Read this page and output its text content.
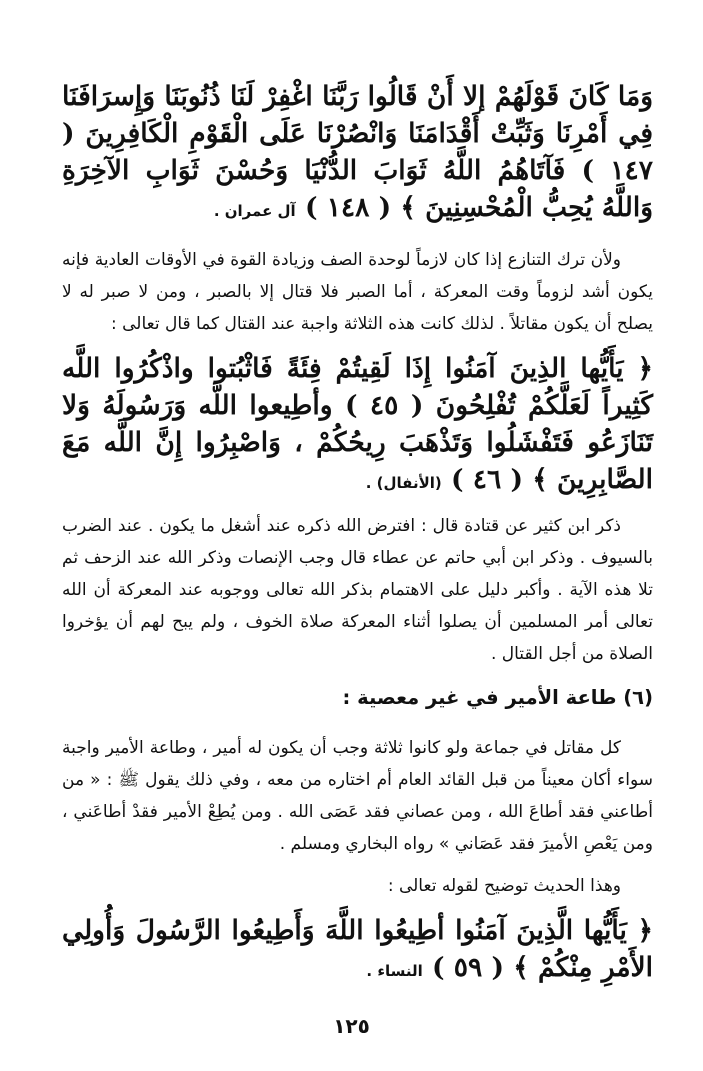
وَمَا كَانَ قَوْلَهُمْ إلا أَنْ قَالُوا رَبَّنَا اغْفِرْ لَنَا ذُنُوبَنَا وَإِسرَافَنَا فِي أَمْرِنَا وَثَبِّتْ أَقْدَامَنَا وَانْصُرْنَا عَلَى الْقَوْمِ الْكَافِرِينَ ( ١٤٧ ) فَآتَاهُمُ اللَّهُ ثَوَابَ الدُّنْيَا وَحُسْنَ ثَوَابِ الآخِرَةِ وَاللَّهُ يُحِبُّ الْمُحْسِنِينَ ﴾ ( ١٤٨ ) آل عمران .

ولأن ترك التنازع إذا كان لازماً لوحدة الصف وزيادة القوة في الأوقات العادية فإنه يكون أشد لزوماً وقت المعركة ، أما الصبر فلا قتال إلا بالصبر ، ومن لا صبر له لا يصلح أن يكون مقاتلاً . لذلك كانت هذه الثلاثة واجبة عند القتال كما قال تعالى :

﴿ يَأَيُّها الذِينَ آمَنُوا إِذَا لَقِيتُمْ فِئَةً فَاثْبُتوا واذْكُرُوا اللَّه كَثِيراً لَعَلَّكُمْ تُفْلِحُونَ ( ٤٥ ) وأطِيعوا اللَّه وَرَسُولَهُ وَلا تَنَازَعُو فَتَفْشَلُوا وَتَذْهَبَ رِيحُكُمْ ، وَاصْبِرُوا إِنَّ اللَّه مَعَ الصَّابِرِينَ ﴾ ( ٤٦ ) (الأنفال) .

ذكر ابن كثير عن قتادة قال : افترض الله ذكره عند أشغل ما يكون . عند الضرب بالسيوف . وذكر ابن أبي حاتم عن عطاء قال وجب الإنصات وذكر الله عند الزحف ثم تلا هذه الآية . وأكبر دليل على الاهتمام بذكر الله تعالى ووجوبه عند المعركة أن الله تعالى أمر المسلمين أن يصلوا أثناء المعركة صلاة الخوف ، ولم يبح لهم أن يؤخروا الصلاة من أجل القتال .

(٦) طاعة الأمير في غير معصية :

كل مقاتل في جماعة ولو كانوا ثلاثة وجب أن يكون له أمير ، وطاعة الأمير واجبة سواء أكان معيناً من قبل القائد العام أم اختاره من معه ، وفي ذلك يقول ﷺ : « من أطاعني فقد أطاعَ الله ، ومن عصاني فقد عَصَى الله . ومن يُطِعْ الأمير فقدْ أطاعَني ، ومن يَعْصِ الأميرَ فقد عَصَاني » رواه البخاري ومسلم .

وهذا الحديث توضيح لقوله تعالى :

﴿ يَأَيُّها الَّذِينَ آمَنُوا أطِيعُوا اللَّهَ وَأَطِيعُوا الرَّسُولَ وَأُولِي الأَمْرِ مِنْكُمْ ﴾ ( ٥٩ ) النساء .

١٢٥
